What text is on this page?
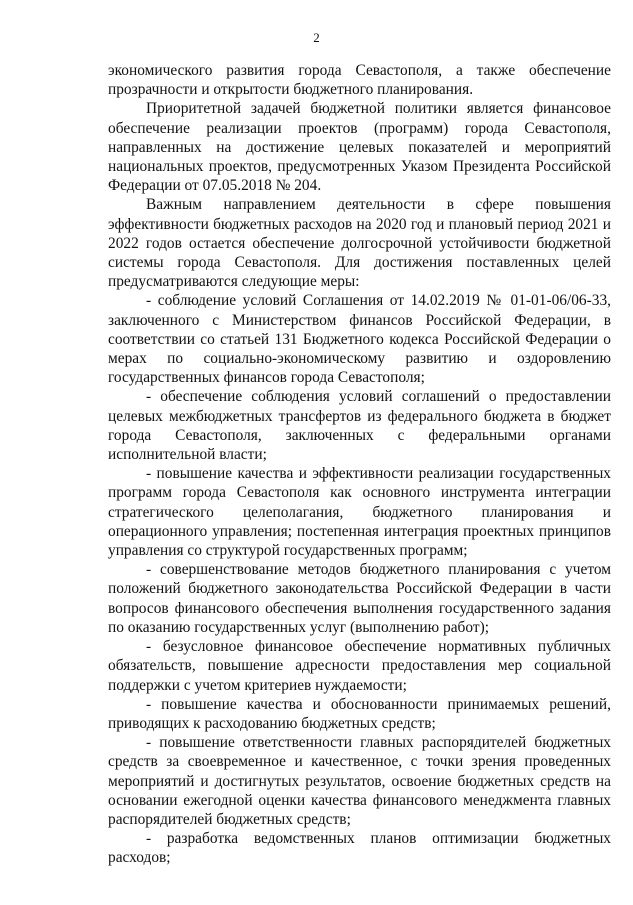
2

экономического развития города Севастополя, а также обеспечение прозрачности и открытости бюджетного планирования.

Приоритетной задачей бюджетной политики является финансовое обеспечение реализации проектов (программ) города Севастополя, направленных на достижение целевых показателей и мероприятий национальных проектов, предусмотренных Указом Президента Российской Федерации от 07.05.2018 № 204.

Важным направлением деятельности в сфере повышения эффективности бюджетных расходов на 2020 год и плановый период 2021 и 2022 годов остается обеспечение долгосрочной устойчивости бюджетной системы города Севастополя. Для достижения поставленных целей предусматриваются следующие меры:

- соблюдение условий Соглашения от 14.02.2019 № 01-01-06/06-33, заключенного с Министерством финансов Российской Федерации, в соответствии со статьей 131 Бюджетного кодекса Российской Федерации о мерах по социально-экономическому развитию и оздоровлению государственных финансов города Севастополя;

- обеспечение соблюдения условий соглашений о предоставлении целевых межбюджетных трансфертов из федерального бюджета в бюджет города Севастополя, заключенных с федеральными органами исполнительной власти;

- повышение качества и эффективности реализации государственных программ города Севастополя как основного инструмента интеграции стратегического целеполагания, бюджетного планирования и операционного управления; постепенная интеграция проектных принципов управления со структурой государственных программ;

- совершенствование методов бюджетного планирования с учетом положений бюджетного законодательства Российской Федерации в части вопросов финансового обеспечения выполнения государственного задания по оказанию государственных услуг (выполнению работ);

- безусловное финансовое обеспечение нормативных публичных обязательств, повышение адресности предоставления мер социальной поддержки с учетом критериев нуждаемости;

- повышение качества и обоснованности принимаемых решений, приводящих к расходованию бюджетных средств;

- повышение ответственности главных распорядителей бюджетных средств за своевременное и качественное, с точки зрения проведенных мероприятий и достигнутых результатов, освоение бюджетных средств на основании ежегодной оценки качества финансового менеджмента главных распорядителей бюджетных средств;

- разработка ведомственных планов оптимизации бюджетных расходов;
